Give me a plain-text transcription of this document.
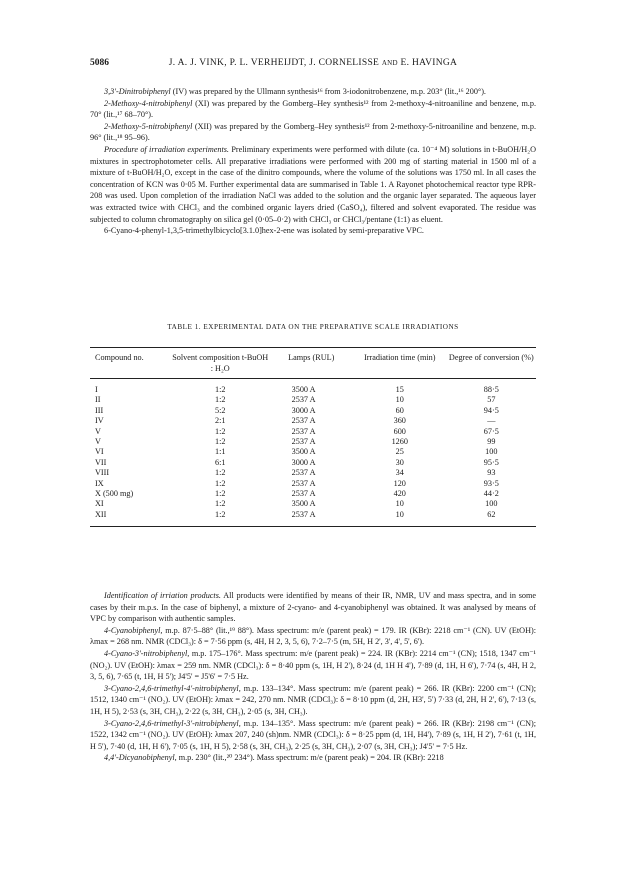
5086	J. A. J. VINK, P. L. VERHEIJDT, J. CORNELISSE and E. HAVINGA

3,3'-Dinitrobiphenyl (IV) was prepared by the Ullmann synthesis¹⁶ from 3-iodonitrobenzene, m.p. 203° (lit.,¹⁶ 200°).

2-Methoxy-4-nitrobiphenyl (XI) was prepared by the Gomberg–Hey synthesis¹² from 2-methoxy-4-nitroaniline and benzene, m.p. 70° (lit.,¹⁷ 68–70°).

2-Methoxy-5-nitrobiphenyl (XII) was prepared by the Gomberg–Hey synthesis¹² from 2-methoxy-5-nitroaniline and benzene, m.p. 96° (lit.,¹⁸ 95–96).

Procedure of irradiation experiments. Preliminary experiments were performed with dilute (ca. 10⁻⁴ M) solutions in t-BuOH/H₂O mixtures in spectrophotometer cells. All preparative irradiations were performed with 200 mg of starting material in 1500 ml of a mixture of t-BuOH/H₂O, except in the case of the dinitro compounds, where the volume of the solutions was 1750 ml. In all cases the concentration of KCN was 0·05 M. Further experimental data are summarised in Table 1. A Rayonet photochemical reactor type RPR-208 was used. Upon completion of the irradiation NaCl was added to the solution and the organic layer separated. The aqueous layer was extracted twice with CHCl₃ and the combined organic layers dried (CaSO₄), filtered and solvent evaporated. The residue was subjected to column chromatography on silica gel (0·05–0·2) with CHCl₃ or CHCl₃/pentane (1:1) as eluent.

6-Cyano-4-phenyl-1,3,5-trimethylbicyclo[3.1.0]hex-2-ene was isolated by semi-preparative VPC.

TABLE 1. EXPERIMENTAL DATA ON THE PREPARATIVE SCALE IRRADIATIONS
Compound no.	Solvent composition t-BuOH : H₂O	Lamps (RUL)	Irradiation time (min)	Degree of conversion (%)
I	1:2	3500 A	15	88·5
II	1:2	2537 A	10	57
III	5:2	3000 A	60	94·5
IV	2:1	2537 A	360	—
V	1:2	2537 A	600	67·5
V	1:2	2537 A	1260	99
VI	1:1	3500 A	25	100
VII	6:1	3000 A	30	95·5
VIII	1:2	2537 A	34	93
IX	1:2	2537 A	120	93·5
X (500 mg)	1:2	2537 A	420	44·2
XI	1:2	3500 A	10	100
XII	1:2	2537 A	10	62

Identification of irriation products. All products were identified by means of their IR, NMR, UV and mass spectra, and in some cases by their m.p.s. In the case of biphenyl, a mixture of 2-cyano- and 4-cyanobiphenyl was obtained. It was analysed by means of VPC by comparison with authentic samples.

4-Cyanobiphenyl, m.p. 87·5–88° (lit.,¹⁹ 88°). Mass spectrum: m/e (parent peak) = 179. IR (KBr): 2218 cm⁻¹ (CN). UV (EtOH): λmax = 268 nm. NMR (CDCl₃): δ = 7·56 ppm (s, 4H, H 2, 3, 5, 6), 7·2–7·5 (m, 5H, H 2', 3', 4', 5', 6').

4-Cyano-3'-nitrobiphenyl, m.p. 175–176°. Mass spectrum: m/e (parent peak) = 224. IR (KBr): 2214 cm⁻¹ (CN); 1518, 1347 cm⁻¹ (NO₂). UV (EtOH): λmax = 259 nm. NMR (CDCl₃): δ = 8·40 ppm (s, 1H, H 2'), 8·24 (d, 1H H 4'), 7·89 (d, 1H, H 6'), 7·74 (s, 4H, H 2, 3, 5, 6), 7·65 (t, 1H, H 5'); J4'5' = J5'6' = 7·5 Hz.

3-Cyano-2,4,6-trimethyl-4'-nitrobiphenyl, m.p. 133–134°. Mass spectrum: m/e (parent peak) = 266. IR (KBr): 2200 cm⁻¹ (CN); 1512, 1340 cm⁻¹ (NO₂). UV (EtOH): λmax = 242, 270 nm. NMR (CDCl₃): δ = 8·10 ppm (d, 2H, H3', 5') 7·33 (d, 2H, H 2', 6'), 7·13 (s, 1H, H 5), 2·53 (s, 3H, CH₃), 2·22 (s, 3H, CH₃), 2·05 (s, 3H, CH₃).

3-Cyano-2,4,6-trimethyl-3'-nitrobiphenyl, m.p. 134–135°. Mass spectrum: m/e (parent peak) = 266. IR (KBr): 2198 cm⁻¹ (CN); 1522, 1342 cm⁻¹ (NO₂). UV (EtOH): λmax 207, 240 (sh)nm. NMR (CDCl₃): δ = 8·25 ppm (d, 1H, H4'), 7·89 (s, 1H, H 2'), 7·61 (t, 1H, H 5'), 7·40 (d, 1H, H 6'), 7·05 (s, 1H, H 5), 2·58 (s, 3H, CH₃), 2·25 (s, 3H, CH₃), 2·07 (s, 3H, CH₃); J4'5' = 7·5 Hz.

4,4'-Dicyanobiphenyl, m.p. 230° (lit.,²⁰ 234°). Mass spectrum: m/e (parent peak) = 204. IR (KBr): 2218
